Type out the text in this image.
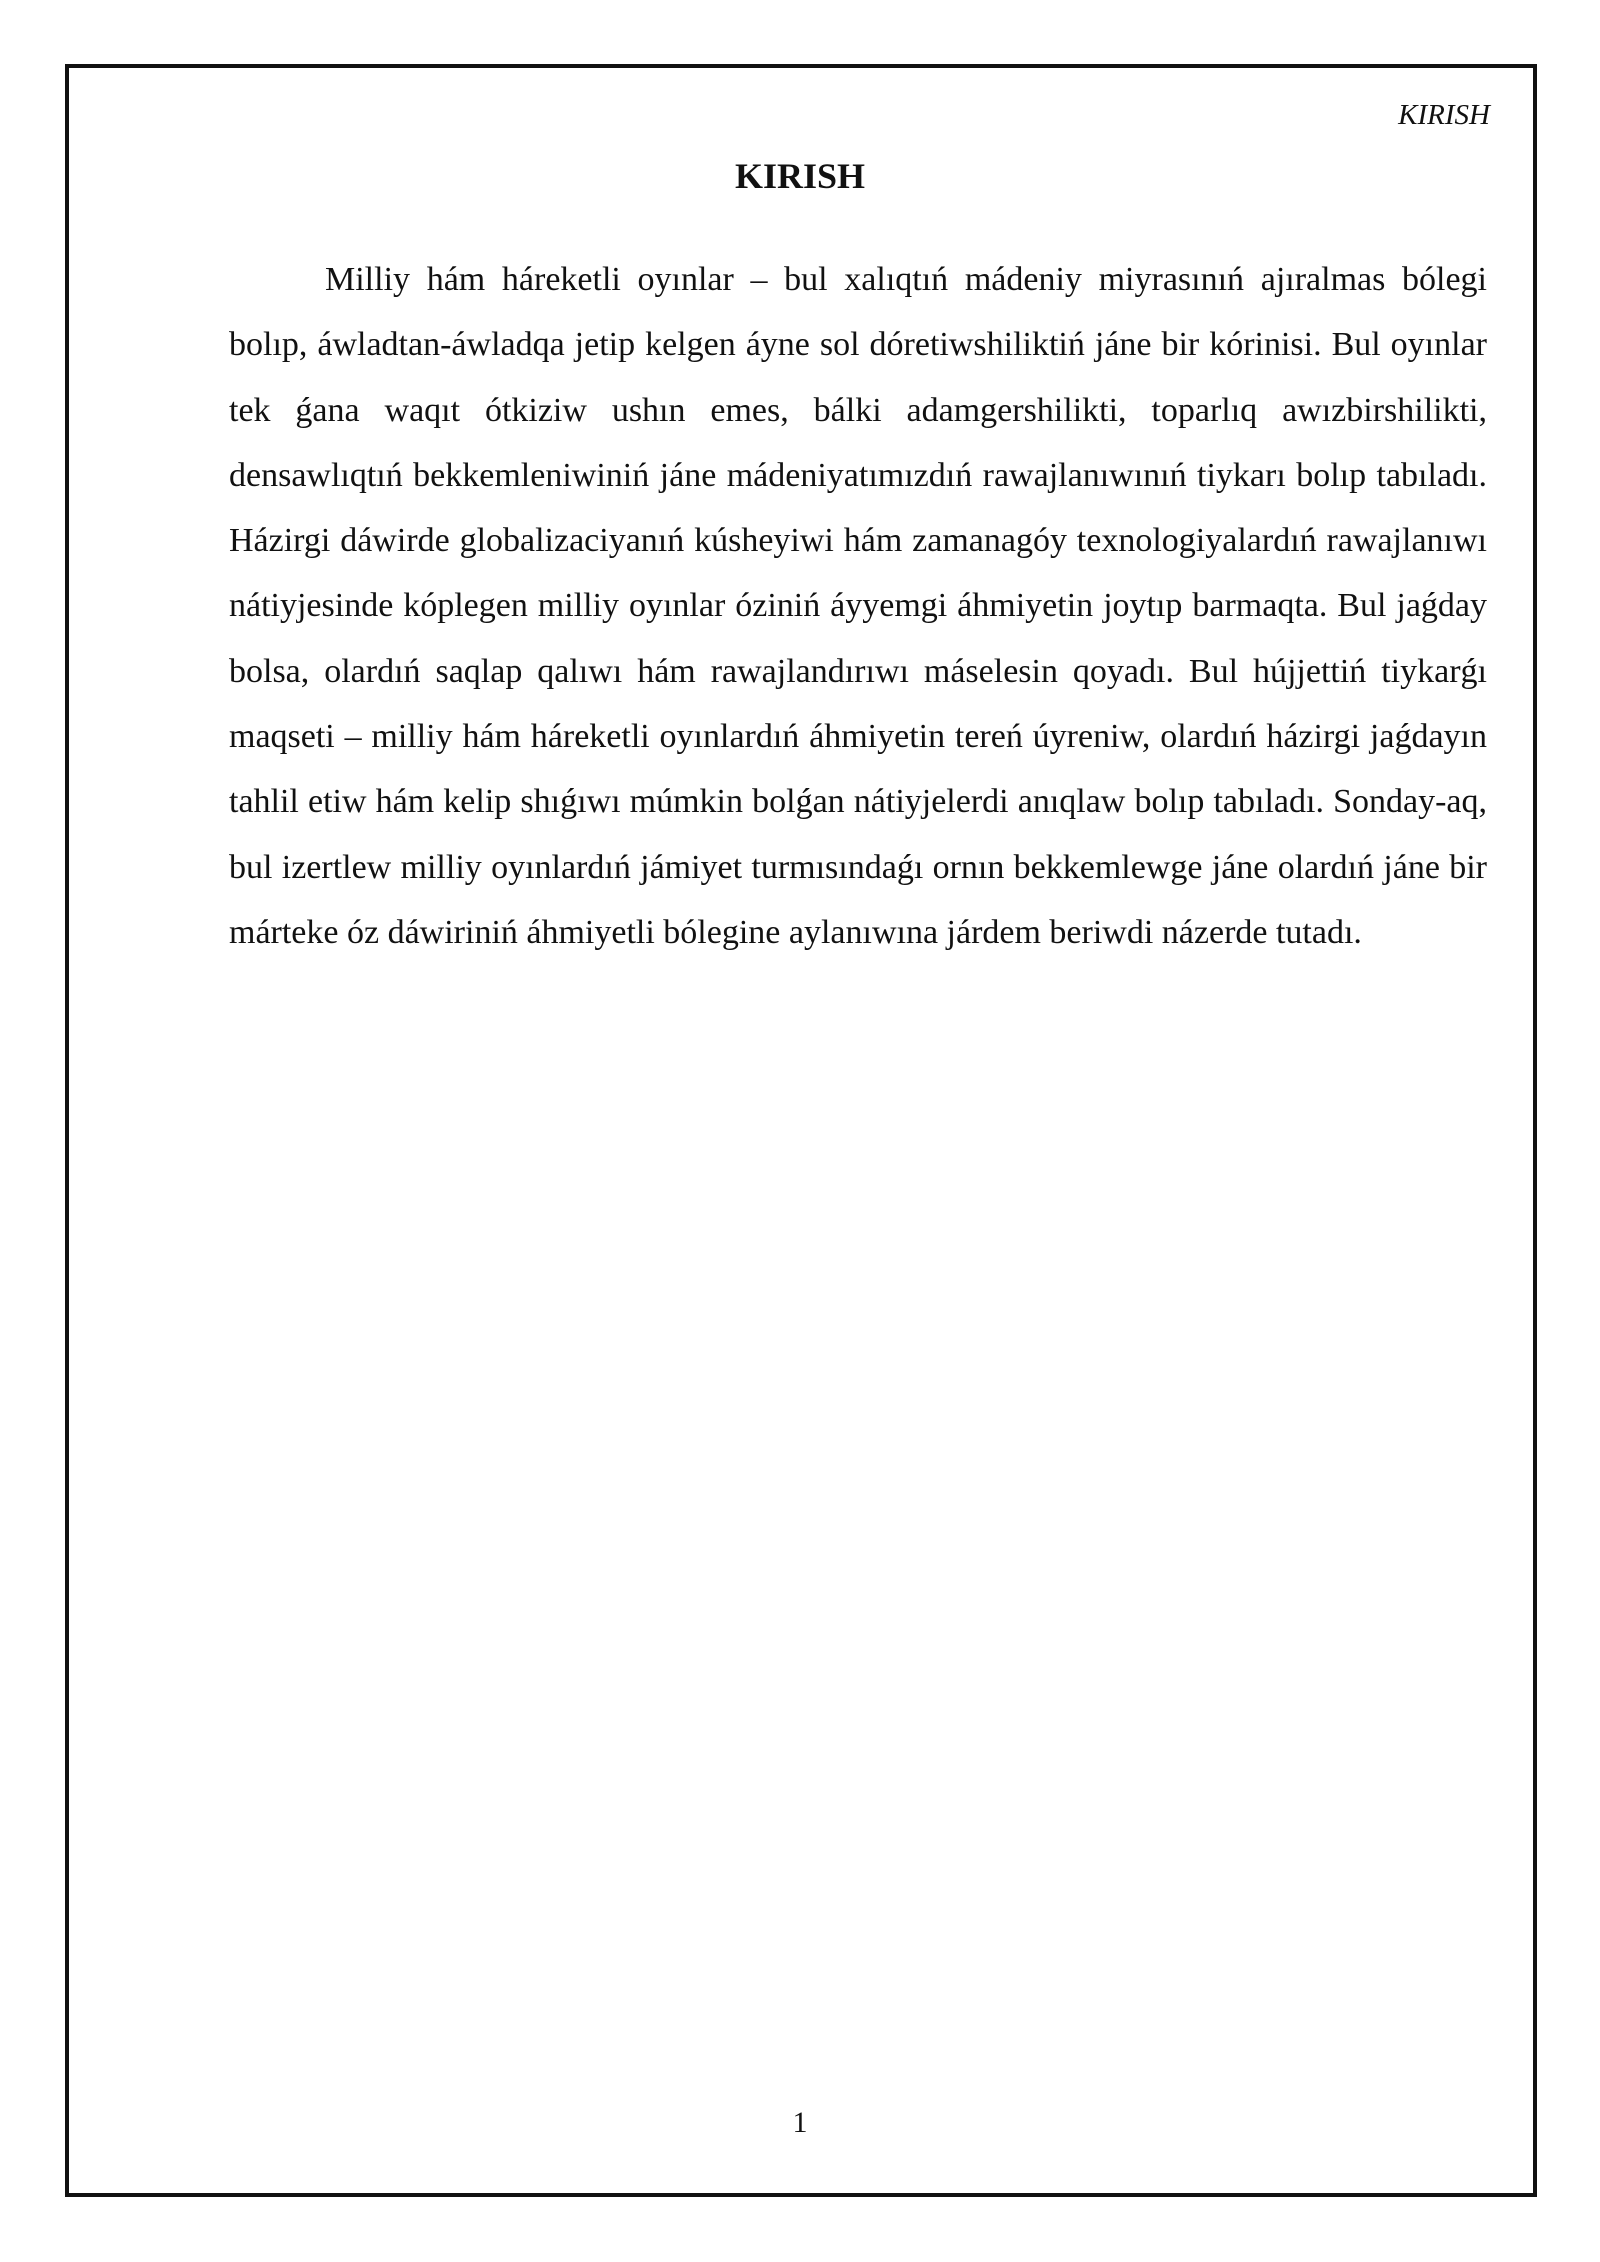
KIRISH
KIRISH

Milliy hám háreketli oyınlar – bul xalıqtıń mádeniy miyrasınıń ajıralmas bólegi bolıp, áwladtan-áwladqa jetip kelgen áyne sol dóretiwshiliktiń jáne bir kórinisi. Bul oyınlar tek ǵana waqıt ótkiziw ushın emes, bálki adamgershilikti, toparlıq awızbirshilikti, densawlıqtıń bekkemleniwiniń jáne mádeniyatımızdıń rawajlanıwınıń tiykarı bolıp tabıladı. Házirgi dáwirde globalizaciyanıń kúsheyiwi hám zamanagóy texnologiyalardıń rawajlanıwı nátiyjesinde kóplegen milliy oyınlar óziniń áyyemgi áhmiyetin joytıp barmaqta. Bul jaǵday bolsa, olardıń saqlap qalıwı hám rawajlandırıwı máselesin qoyadı. Bul hújjettiń tiykarǵı maqseti – milliy hám háreketli oyınlardıń áhmiyetin tereń úyreniw, olardıń házirgi jaǵdayın tahlil etiw hám kelip shıǵıwı múmkin bolǵan nátiyjelerdi anıqlaw bolıp tabıladı. Sonday-aq, bul izertlew milliy oyınlardıń jámiyet turmısındaǵı ornın bekkemlewge jáne olardıń jáne bir márteke óz dáwiriniń áhmiyetli bólegine aylanıwına járdem beriwdi názerde tutadı.

1
